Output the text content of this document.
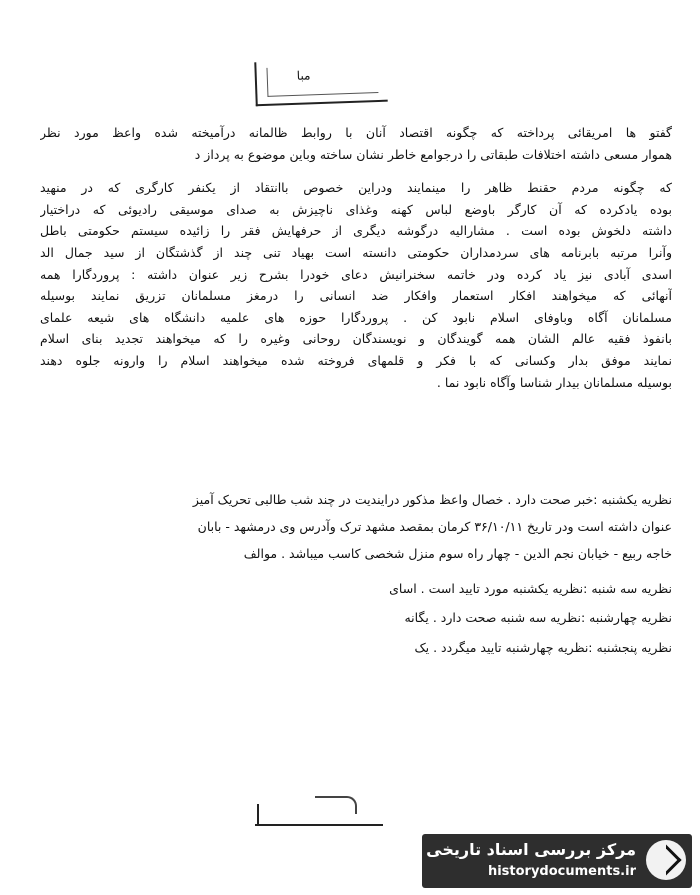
مبا
گفتو ها امریقائی پرداخته که چگونه اقتصاد آنان با روابط ظالمانه درآمیخته شده واعظ مورد نظر
هموار مسعی داشته اختلافات طبقاتی را درجوامع خاطر نشان ساخته وباین موضوع به پرداز د
که چگونه مردم حقنط ظاهر را مینمایند ودراین خصوص باانتقاد از یکنفر کارگری که در منهید
بوده یادکرده که آن کارگر باوضع لباس کهنه وغذای ناچیزش به صدای موسیقی رادیوئی که دراختیار
داشته دلخوش بوده است . مشارالیه درگوشه دیگری از حرفهایش فقر را زائیده سیستم حکومتی باطل
وآنرا مرتبه بابرنامه های سردمداران حکومتی دانسته است بهیاد تنی چند از گذشتگان از سید جمال الد
اسدی آبادی نیز یاد کرده ودر خاتمه سخنرانیش دعای خودرا بشرح زیر عنوان داشته : پروردگارا همه
آنهائی که میخواهند افکار استعمار وافکار ضد انسانی را درمغز مسلمانان تزریق نمایند بوسیله
مسلمانان آگاه وباوفای اسلام نابود کن . پروردگارا حوزه های علمیه دانشگاه های شیعه علمای
بانفوذ فقیه عالم الشان همه گویندگان و نویسندگان روحانی وغیره را که میخواهند تجدید بنای اسلام
نمایند موفق بدار وکسانی که با فکر و قلمهای فروخته شده میخواهند اسلام را وارونه جلوه دهند
بوسیله مسلمانان بیدار شناسا وآگاه نابود نما .
نظریه یکشنبه :خبر صحت دارد . خصال واعظ مذکور درایندیت در چند شب طالبی تحریک آمیز
عنوان داشته است ودر تاریخ ۳۶/۱۰/۱۱ کرمان بمقصد مشهد ترک وآدرس وی درمشهد - بابان
خاجه ربیع - خیابان نجم الدین - چهار راه سوم منزل شخصی کاسب میباشد . موالف
نظریه سه شنبه :نظریه یکشنبه مورد تایید است . اسای
نظریه چهارشنبه :نظریه سه شنبه صحت دارد . یگانه
نظریه پنجشنبه :نظریه چهارشنبه تایید میگردد . یک
مرکز بررسی اسناد تاریخی
historydocuments.ir
